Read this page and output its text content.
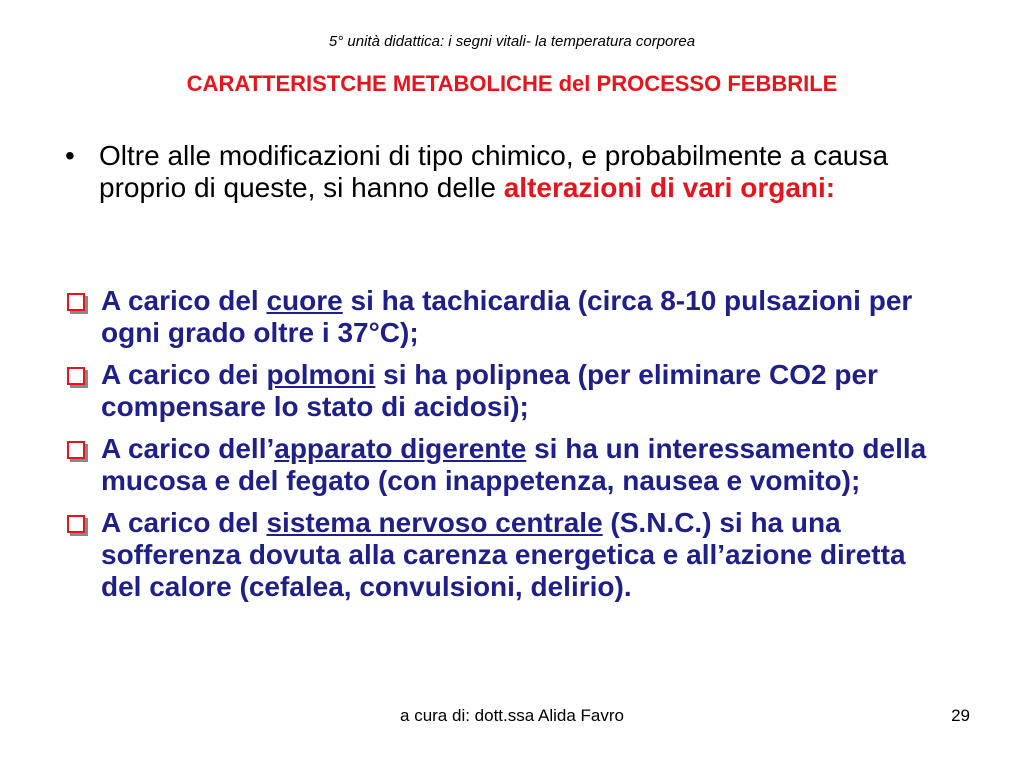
5° unità didattica: i segni vitali- la temperatura corporea
CARATTERISTCHE METABOLICHE del PROCESSO FEBBRILE
• Oltre alle modificazioni di tipo chimico, e probabilmente a causa proprio di queste, si hanno delle alterazioni di vari organi:
A carico del cuore si ha tachicardia (circa 8-10 pulsazioni per ogni grado oltre i 37°C);
A carico dei polmoni si ha polipnea (per eliminare CO2 per compensare lo stato di acidosi);
A carico dell’apparato digerente si ha un interessamento della mucosa e del fegato (con inappetenza, nausea e vomito);
A carico del sistema nervoso centrale (S.N.C.) si ha una sofferenza dovuta alla carenza energetica e all’azione diretta del calore (cefalea, convulsioni, delirio).
a cura di: dott.ssa Alida Favro	29
